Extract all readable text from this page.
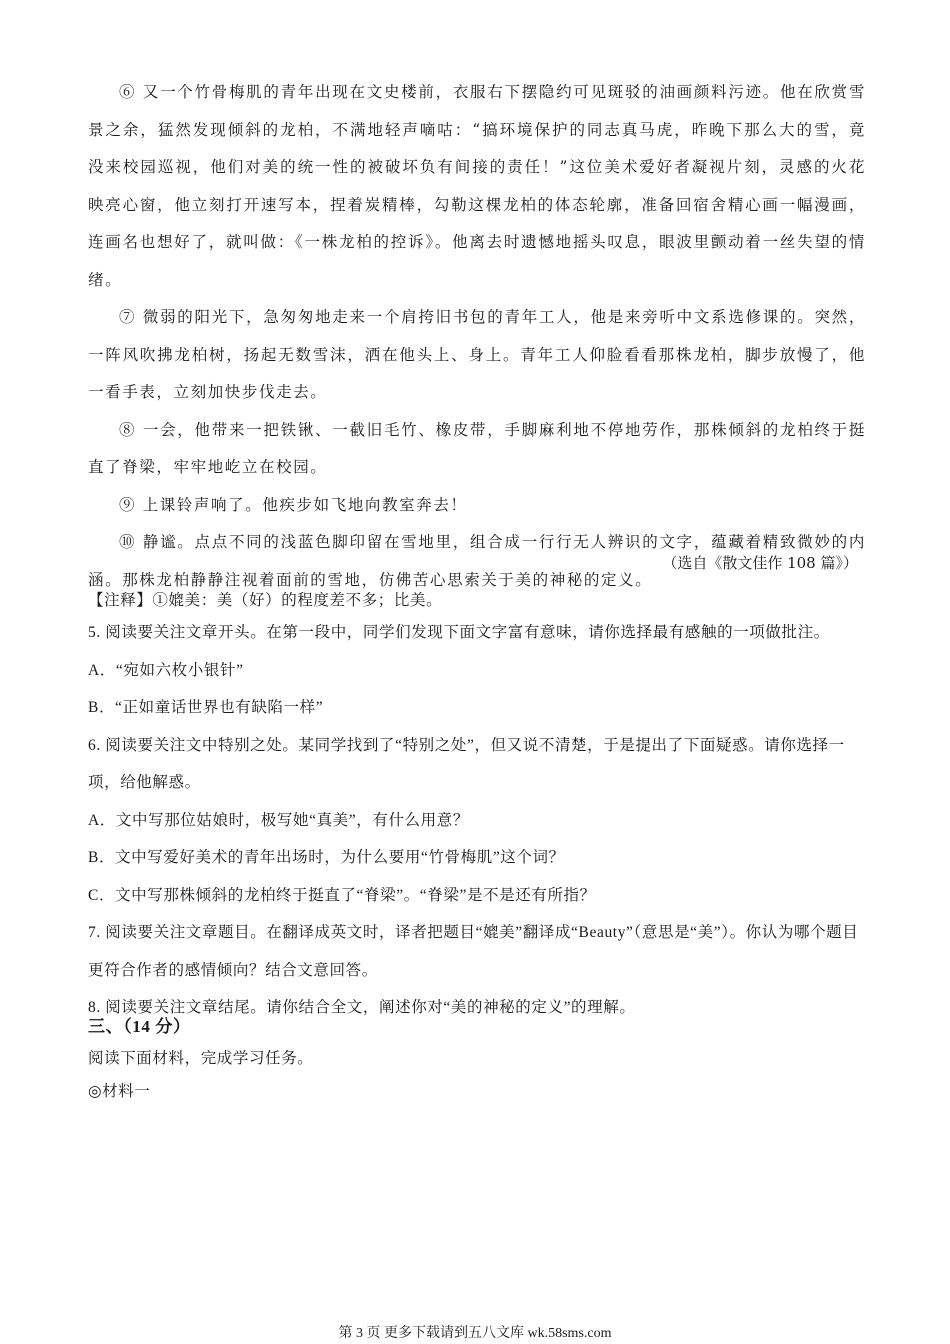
⑥ 又一个竹骨梅肌的青年出现在文史楼前，衣服右下摆隐约可见斑驳的油画颜料污迹。他在欣赏雪景之余，猛然发现倾斜的龙柏，不满地轻声嘀咕：“搞环境保护的同志真马虎，昨晚下那么大的雪，竟没来校园巡视，他们对美的统一性的被破坏负有间接的责任！”这位美术爱好者凝视片刻，灵感的火花映亮心窗，他立刻打开速写本，捏着炭精棒，勾勒这棵龙柏的体态轮廓，准备回宿舍精心画一幅漫画，连画名也想好了，就叫做：《一株龙柏的控诉》。他离去时遗憾地摇头叹息，眼波里颤动着一丝失望的情绪。

⑦ 微弱的阳光下，急匆匆地走来一个肩挎旧书包的青年工人，他是来旁听中文系选修课的。突然，一阵风吹拂龙柏树，扬起无数雪沫，洒在他头上、身上。青年工人仰脸看看那株龙柏，脚步放慢了，他一看手表，立刻加快步伐走去。

⑧ 一会，他带来一把铁锹、一截旧毛竹、橡皮带，手脚麻利地不停地劳作，那株倾斜的龙柏终于挺直了脊梁，牢牢地屹立在校园。

⑨ 上课铃声响了。他疾步如飞地向教室奔去！

⑩ 静谧。点点不同的浅蓝色脚印留在雪地里，组合成一行行无人辨识的文字，蕴藏着精致微妙的内涵。那株龙柏静静注视着面前的雪地，仿佛苦心思索关于美的神秘的定义。

（选自《散文佳作 108 篇》）
【注释】①媲美：美（好）的程度差不多；比美。

5. 阅读要关注文章开头。在第一段中，同学们发现下面文字富有意味，请你选择最有感触的一项做批注。

A．“宛如六枚小银针”

B．“正如童话世界也有缺陷一样”

6. 阅读要关注文中特别之处。某同学找到了“特别之处”，但又说不清楚，于是提出了下面疑惑。请你选择一项，给他解惑。

A．文中写那位姑娘时，极写她“真美”，有什么用意？

B．文中写爱好美术的青年出场时，为什么要用“竹骨梅肌”这个词？

C．文中写那株倾斜的龙柏终于挺直了“脊梁”。“脊梁”是不是还有所指？

7. 阅读要关注文章题目。在翻译成英文时，译者把题目“媲美”翻译成“Beauty”（意思是“美”）。你认为哪个题目更符合作者的感情倾向？结合文意回答。

8. 阅读要关注文章结尾。请你结合全文，阐述你对“美的神秘的定义”的理解。

三、（14 分）
阅读下面材料，完成学习任务。
◎材料一
第 3 页 更多下载请到五八文库 wk.58sms.com
